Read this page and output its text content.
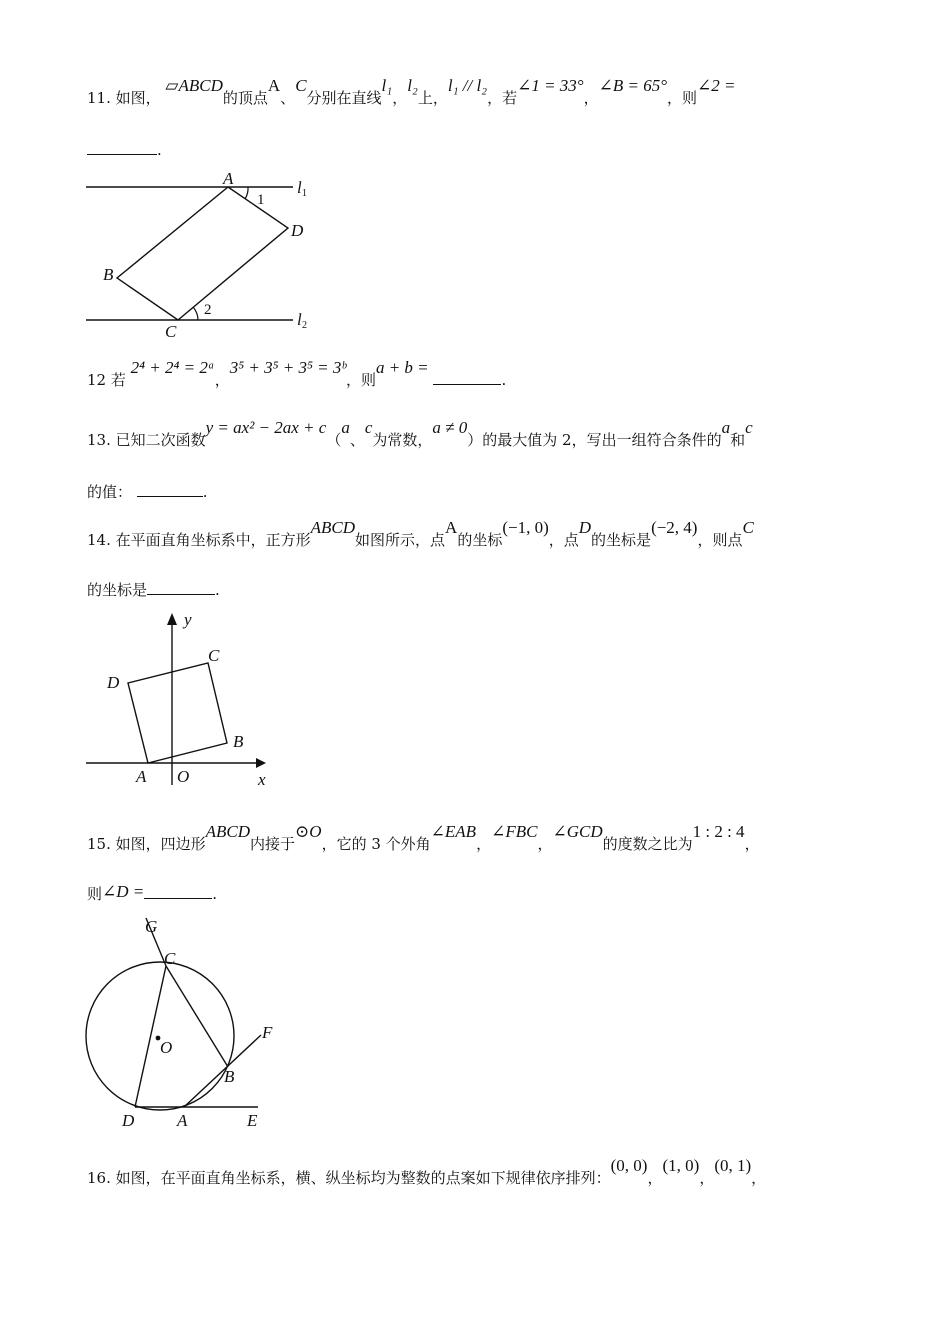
11. 如图， ▱ABCD的顶点A、C分别在直线l₁，l₂上，l₁ // l₂，若∠1 = 33°，∠B = 65°，则∠2 =
.
A
1
D
B
2
C
l 1
l 2
12 若 2⁴ + 2⁴ = 2ᵃ，3⁵ + 3⁵ + 3⁵ = 3ᵇ，则a + b = .
13. 已知二次函数y = ax² − 2ax + c（a、c为常数，a ≠ 0）的最大值为 2，写出一组符合条件的a和c
的值：	.
14. 在平面直角坐标系中，正方形ABCD如图所示，点A的坐标(−1, 0)，点D的坐标是(−2, 4)，则点C
的坐标是	.
y
x
O
A
B
C
D
15. 如图，四边形ABCD内接于⊙O，它的 3 个外角∠EAB，∠FBC，∠GCD的度数之比为1 : 2 : 4，
则∠D =	.
G
C
O
F
B
D	A	E
16. 如图，在平面直角坐标系，横、纵坐标均为整数的点案如下规律依序排列：(0, 0)，(1, 0)，(0, 1)，
